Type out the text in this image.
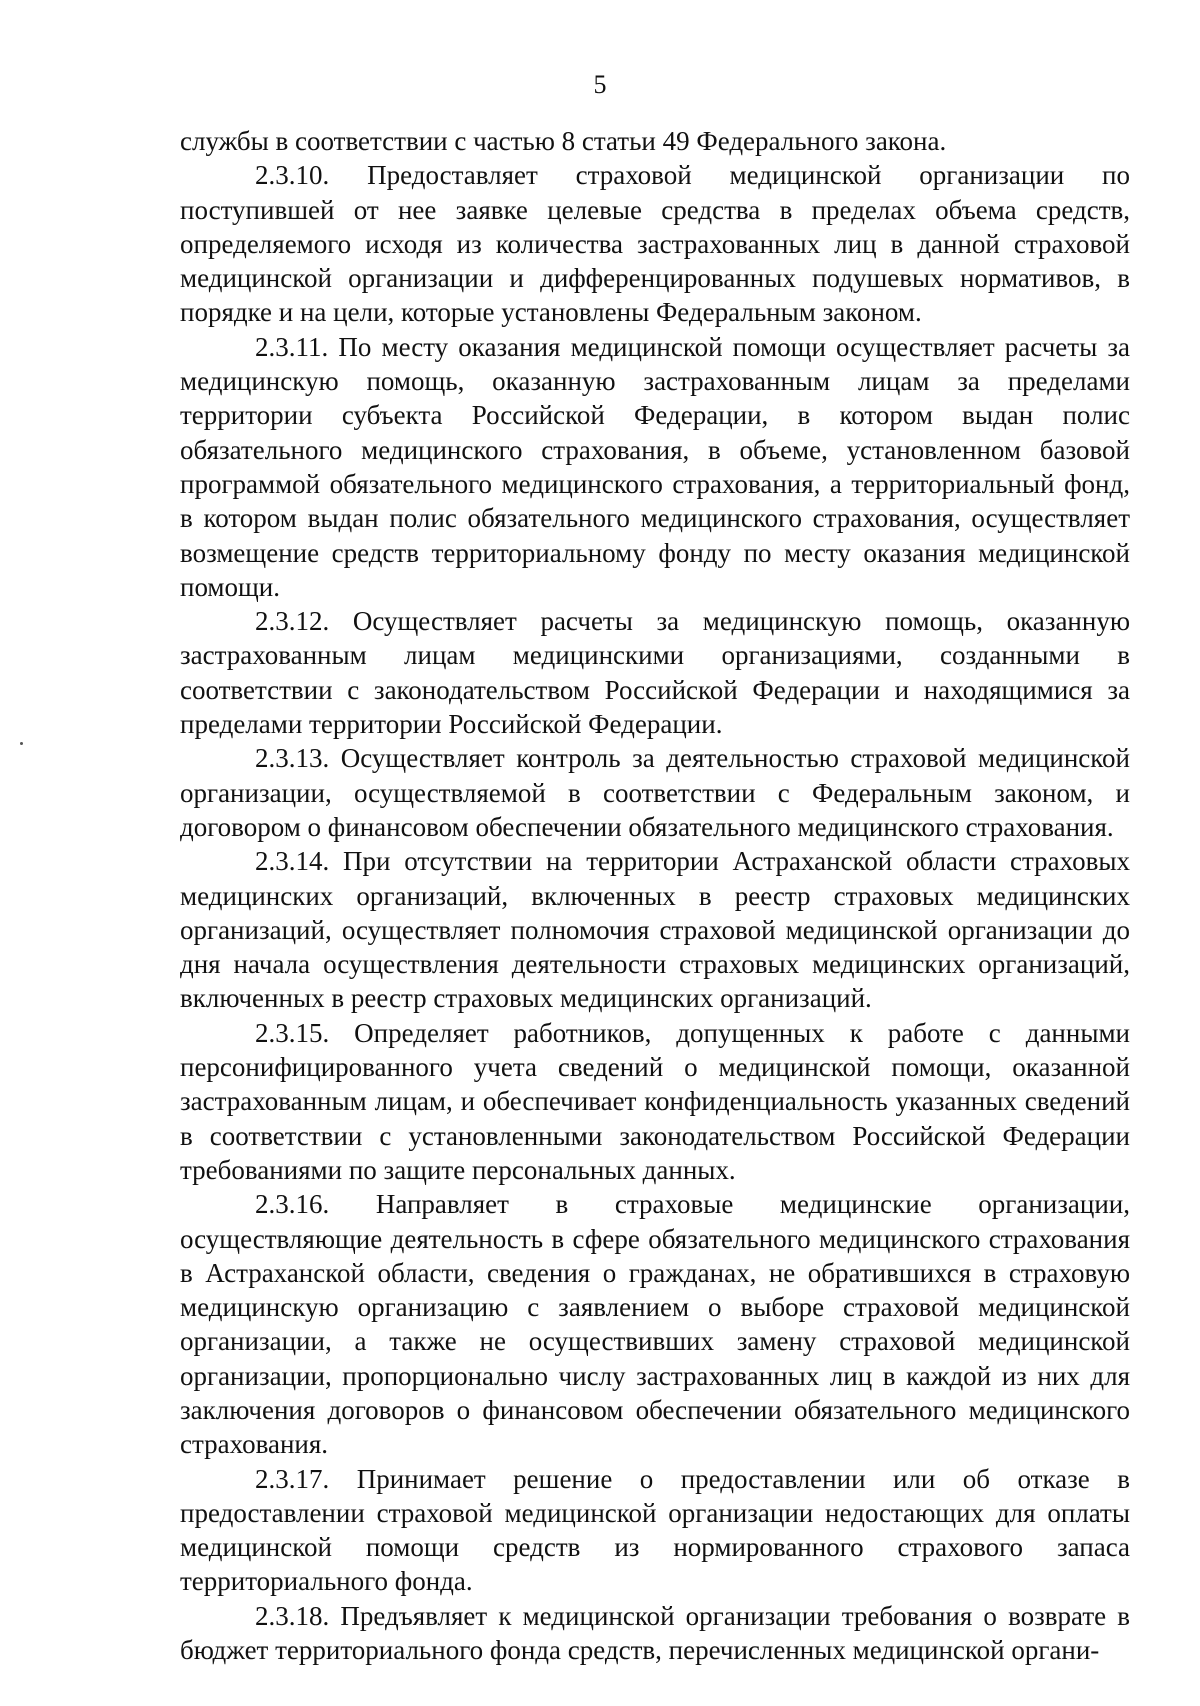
5

службы в соответствии с частью 8 статьи 49 Федерального закона.

2.3.10. Предоставляет страховой медицинской организации по поступившей от нее заявке целевые средства в пределах объема средств, определяемого исходя из количества застрахованных лиц в данной страховой медицинской организации и дифференцированных подушевых нормативов, в порядке и на цели, которые установлены Федеральным законом.

2.3.11. По месту оказания медицинской помощи осуществляет расчеты за медицинскую помощь, оказанную застрахованным лицам за пределами территории субъекта Российской Федерации, в котором выдан полис обязательного медицинского страхования, в объеме, установленном базовой программой обязательного медицинского страхования, а территориальный фонд, в котором выдан полис обязательного медицинского страхования, осуществляет возмещение средств территориальному фонду по месту оказания медицинской помощи.

2.3.12. Осуществляет расчеты за медицинскую помощь, оказанную застрахованным лицам медицинскими организациями, созданными в соответствии с законодательством Российской Федерации и находящимися за пределами территории Российской Федерации.

2.3.13. Осуществляет контроль за деятельностью страховой медицинской организации, осуществляемой в соответствии с Федеральным законом, и договором о финансовом обеспечении обязательного медицинского страхования.

2.3.14. При отсутствии на территории Астраханской области страховых медицинских организаций, включенных в реестр страховых медицинских организаций, осуществляет полномочия страховой медицинской организации до дня начала осуществления деятельности страховых медицинских организаций, включенных в реестр страховых медицинских организаций.

2.3.15. Определяет работников, допущенных к работе с данными персонифицированного учета сведений о медицинской помощи, оказанной застрахованным лицам, и обеспечивает конфиденциальность указанных сведений в соответствии с установленными законодательством Российской Федерации требованиями по защите персональных данных.

2.3.16. Направляет в страховые медицинские организации, осуществляющие деятельность в сфере обязательного медицинского страхования в Астраханской области, сведения о гражданах, не обратившихся в страховую медицинскую организацию с заявлением о выборе страховой медицинской организации, а также не осуществивших замену страховой медицинской организации, пропорционально числу застрахованных лиц в каждой из них для заключения договоров о финансовом обеспечении обязательного медицинского страхования.

2.3.17. Принимает решение о предоставлении или об отказе в предоставлении страховой медицинской организации недостающих для оплаты медицинской помощи средств из нормированного страхового запаса территориального фонда.

2.3.18. Предъявляет к медицинской организации требования о возврате в бюджет территориального фонда средств, перечисленных медицинской органи-
